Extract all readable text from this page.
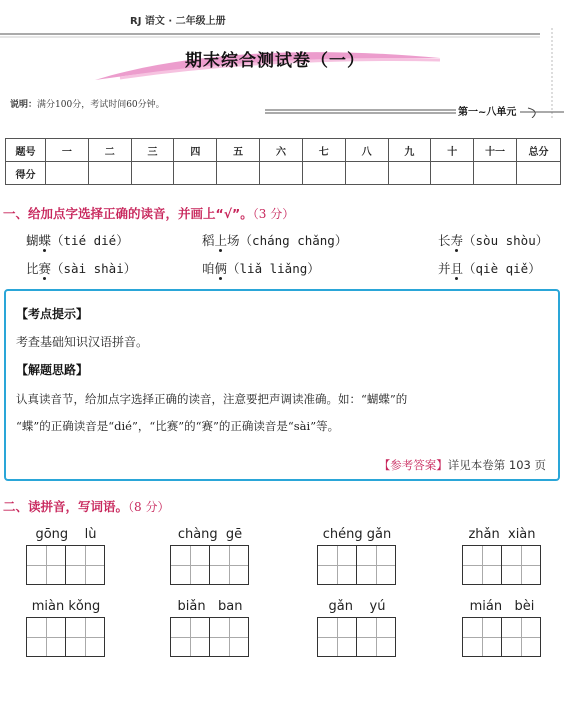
RJ 语文 · 二年级上册
期末综合测试卷（一）
说明：满分100分，考试时间60分钟。
第一~八单元
题号	一	二	三	四	五	六	七	八	九	十	十一	总分
得分												
一、给加点字选择正确的读音，并画上“√”。（3 分）
蝴蝶（tié dié）	稻上场（cháng chǎng）	长寿（sòu shòu）
比赛（sài shài）	咱俩（liǎ liǎng）	并且（qiè qiě）
【考点提示】
考查基础知识汉语拼音。
【解题思路】
认真读音节，给加点字选择正确的读音，注意要把声调读准确。如：“蝴蝶”的
“蝶”的正确读音是“dié”，“比赛”的“赛”的正确读音是“sài”等。
【参考答案】详见本卷第 103 页
二、读拼音，写词语。（8 分）
gōng    lù	chàng  gē	chéng gǎn	zhǎn  xiàn
miàn kǒng	biǎn   ban	gǎn    yú	mián   bèi
